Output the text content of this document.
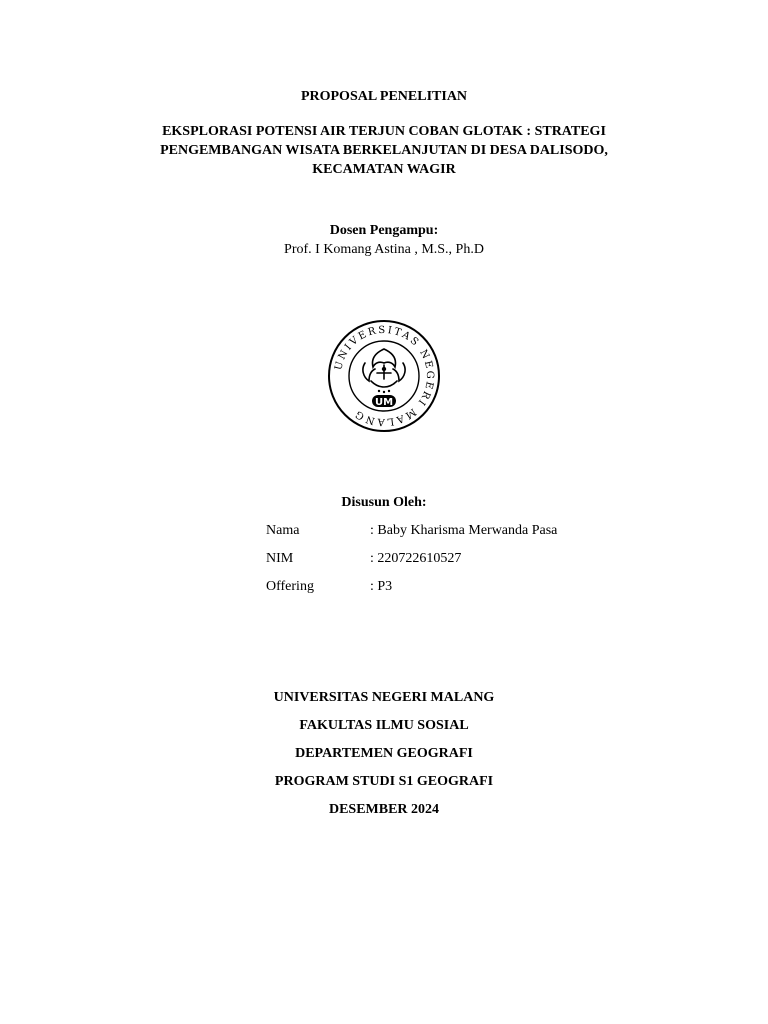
PROPOSAL PENELITIAN
EKSPLORASI POTENSI AIR TERJUN COBAN GLOTAK : STRATEGI
PENGEMBANGAN WISATA BERKELANJUTAN DI DESA DALISODO,
KECAMATAN WAGIR
Dosen Pengampu:
Prof. I Komang Astina , M.S., Ph.D
UNIVERSITAS NEGERI MALANG
UM
Disusun Oleh:
Nama	: Baby Kharisma Merwanda Pasa
NIM	: 220722610527
Offering	: P3
UNIVERSITAS NEGERI MALANG
FAKULTAS ILMU SOSIAL
DEPARTEMEN GEOGRAFI
PROGRAM STUDI S1 GEOGRAFI
DESEMBER 2024
